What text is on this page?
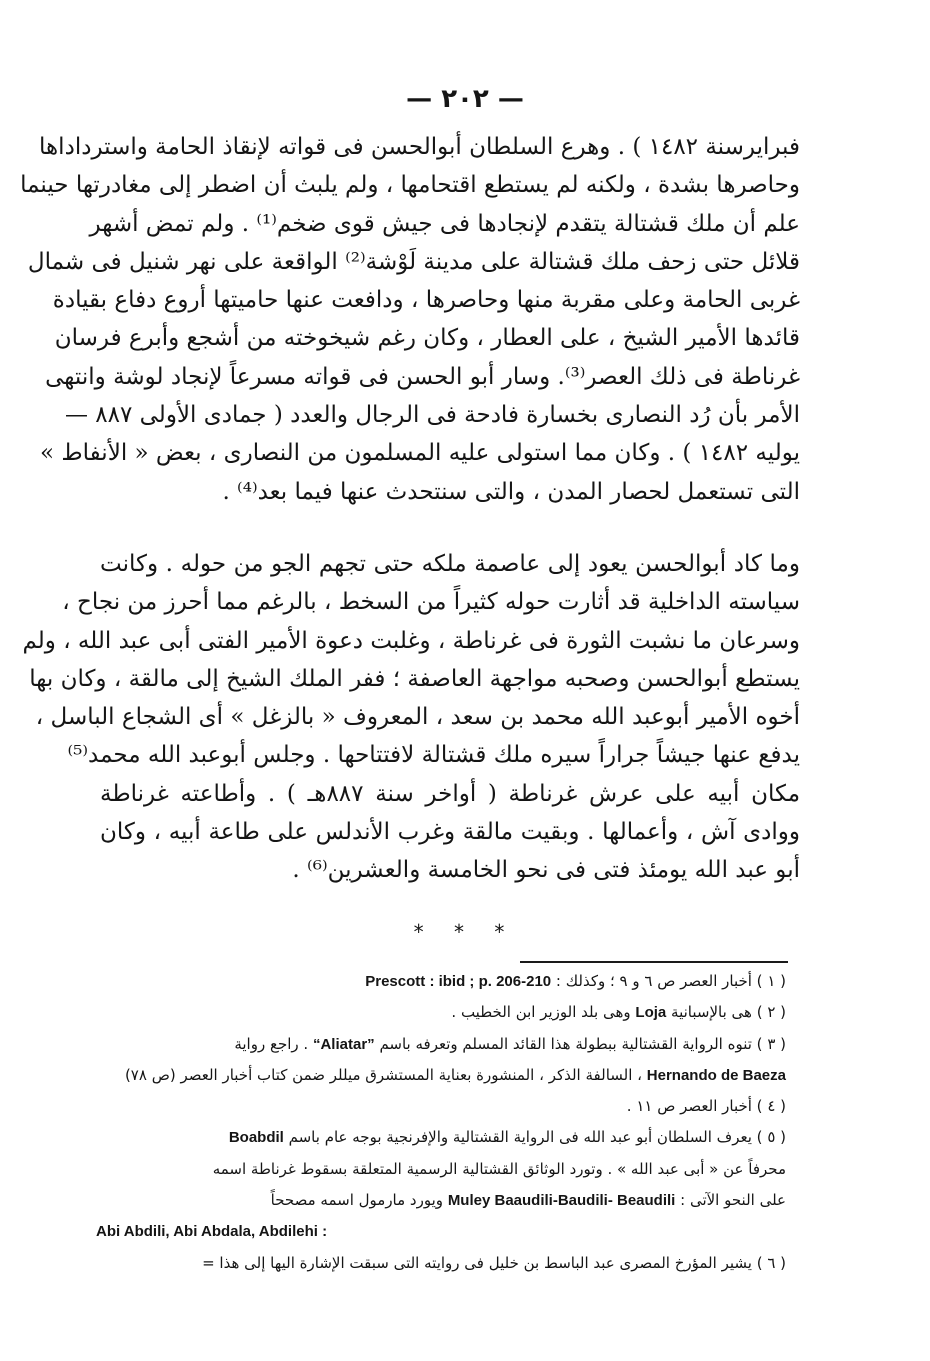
— ٢٠٢ —
فبرايرسنة ١٤٨٢ ) . وهرع السلطان أبوالحسن فى قواته لإنقاذ الحامة واسترداداها
وحاصرها بشدة ، ولكنه لم يستطع اقتحامها ، ولم يلبث أن اضطر إلى مغادرتها حينما
علم أن ملك قشتالة يتقدم لإنجادها فى جيش قوى ضخم⁽¹⁾ . ولم تمض أشهر
قلائل حتى زحف ملك قشتالة على مدينة لَوْشة⁽²⁾ الواقعة على نهر شنيل فى شمال
غربى الحامة وعلى مقربة منها وحاصرها ، ودافعت عنها حاميتها أروع دفاع بقيادة
قائدها الأمير الشيخ ، على العطار ، وكان رغم شيخوخته من أشجع وأبرع فرسان
غرناطة فى ذلك العصر⁽³⁾. وسار أبو الحسن فى قواته مسرعاً لإنجاد لوشة وانتهى
الأمر بأن رُد النصارى بخسارة فادحة فى الرجال والعدد ( جمادى الأولى ٨٨٧ —
يوليه ١٤٨٢ ) . وكان مما استولى عليه المسلمون من النصارى ، بعض « الأنفاط »
التى تستعمل لحصار المدن ، والتى سنتحدث عنها فيما بعد⁽⁴⁾ .
وما كاد أبوالحسن يعود إلى عاصمة ملكه حتى تجهم الجو من حوله . وكانت
سياسته الداخلية قد أثارت حوله كثيراً من السخط ، بالرغم مما أحرز من نجاح ،
وسرعان ما نشبت الثورة فى غرناطة ، وغلبت دعوة الأمير الفتى أبى عبد الله ، ولم
يستطع أبوالحسن وصحبه مواجهة العاصفة ؛ ففر الملك الشيخ إلى مالقة ، وكان بها
أخوه الأمير أبوعبد الله محمد بن سعد ، المعروف « بالزغل » أى الشجاع الباسل ،
يدفع عنها جيشاً جراراً سيره ملك قشتالة لافتتاحها . وجلس أبوعبد الله محمد⁽⁵⁾
مكان أبيه على عرش غرناطة ( أواخر سنة ٨٨٧هـ ) . وأطاعته غرناطة
ووادى آش ، وأعمالها . وبقيت مالقة وغرب الأندلس على طاعة أبيه ، وكان
أبو عبد الله يومئذ فتى فى نحو الخامسة والعشرين⁽⁶⁾ .
* * *
( ١ ) أخبار العصر ص ٦ و ٩ ؛ وكذلك : Prescott : ibid ; p. 206-210
( ٢ ) هى بالإسبانية Loja وهى بلد الوزير ابن الخطيب .
( ٣ ) تنوه الرواية القشتالية ببطولة هذا القائد المسلم وتعرفه باسم “Aliatar” . راجع رواية
Hernando de Baeza ، السالفة الذكر ، المنشورة بعناية المستشرق ميللر ضمن كتاب أخبار العصر (ص ٧٨)
( ٤ ) أخبار العصر ص ١١ .
( ٥ ) يعرف السلطان أبو عبد الله فى الرواية القشتالية والإفرنجية بوجه عام باسم Boabdil
محرفاً عن « أبى عبد الله » . وتورد الوثائق القشتالية الرسمية المتعلقة بسقوط غرناطة اسمه
على النحو الآتى : Muley Baaudili-Baudili- Beaudili ويورد مارمول اسمه مصححاً
Abi Abdili, Abi Abdala, Abdilehi :
( ٦ ) يشير المؤرخ المصرى عبد الباسط بن خليل فى روايته التى سبقت الإشارة اليها إلى هذا =
